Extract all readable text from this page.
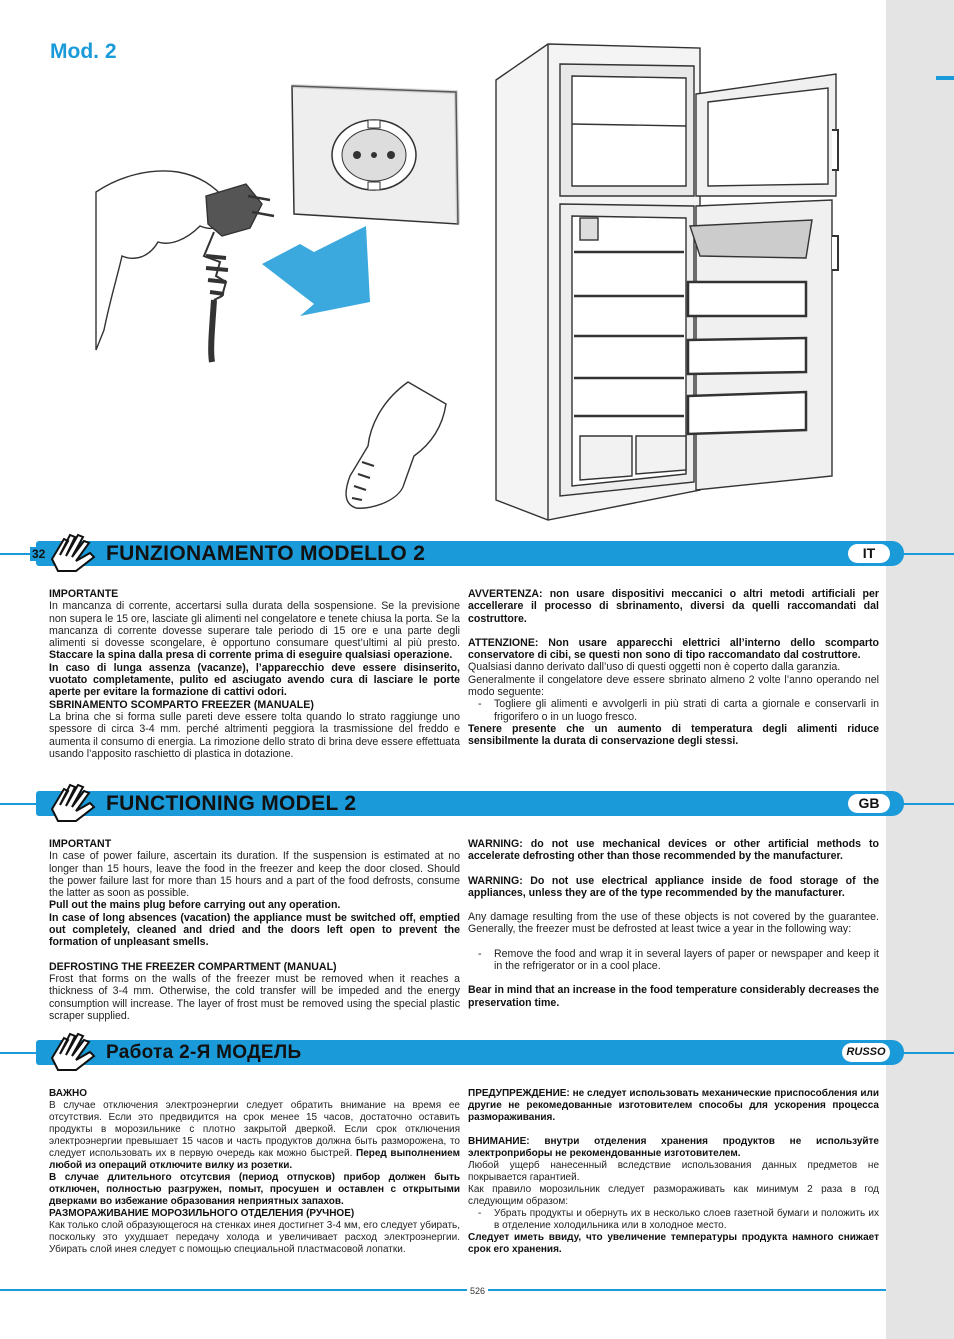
Mod. 2
32	FUNZIONAMENTO MODELLO 2	IT

IMPORTANTE

In mancanza di corrente, accertarsi sulla durata della sospensione. Se la previsione non supera le 15 ore, lasciate gli alimenti nel congelatore e tenete chiusa la porta. Se la mancanza di corrente dovesse superare tale periodo di 15 ore e una parte degli alimenti si dovesse scongelare, è opportuno consumare quest’ultimi al più presto. Staccare la spina dalla presa di corrente prima di eseguire qualsiasi operazione.

In caso di lunga assenza (vacanze), l’apparecchio deve essere disinserito, vuotato completamente, pulito ed asciugato avendo cura di lasciare le porte aperte per evitare la formazione di cattivi odori.

SBRINAMENTO SCOMPARTO FREEZER (MANUALE)

La brina che si forma sulle pareti deve essere tolta quando lo strato raggiunge uno spessore di circa 3-4 mm. perché altrimenti peggiora la trasmissione del freddo e aumenta il consumo di energia. La rimozione dello strato di brina deve essere effettuata usando l’apposito raschietto di plastica in dotazione.

AVVERTENZA: non usare dispositivi meccanici o altri metodi artificiali per accellerare il processo di sbrinamento, diversi da quelli raccomandati dal costruttore.

ATTENZIONE: Non usare apparecchi elettrici all’interno dello scomparto conservatore di cibi, se questi non sono di tipo raccomandato dal costruttore.

Qualsiasi danno derivato dall’uso di questi oggetti non è coperto dalla garanzia.

Generalmente il congelatore deve essere sbrinato almeno 2 volte l’anno operando nel modo seguente:

- Togliere gli alimenti e avvolgerli in più strati di carta a giornale e conservarli in frigorifero o in un luogo fresco.

Tenere presente che un aumento di temperatura degli alimenti riduce sensibilmente la durata di conservazione degli stessi.

FUNCTIONING MODEL 2	GB

IMPORTANT

In case of power failure, ascertain its duration. If the suspension is estimated at no longer than 15 hours, leave the food in the freezer and keep the door closed. Should the power failure last for more than 15 hours and a part of the food defrosts, consume the latter as soon as possible.

Pull out the mains plug before carrying out any operation.

In case of long absences (vacation) the appliance must be switched off, emptied out completely, cleaned and dried and the doors left open to prevent the formation of unpleasant smells.

DEFROSTING THE FREEZER COMPARTMENT (MANUAL)

Frost that forms on the walls of the freezer must be removed when it reaches a thickness of 3-4 mm. Otherwise, the cold transfer will be impeded and the energy consumption will increase. The layer of frost must be removed using the special plastic scraper supplied.

WARNING: do not use mechanical devices or other artificial methods to accelerate defrosting other than those recommended by the manufacturer.

WARNING: Do not use electrical appliance inside de food storage of the appliances, unless they are of the type recommended by the manufacturer.

Any damage resulting from the use of these objects is not covered by the guarantee. Generally, the freezer must be defrosted at least twice a year in the following way:

- Remove the food and wrap it in several layers of paper or newspaper and keep it in the refrigerator or in a cool place.

Bear in mind that an increase in the food temperature considerably decreases the preservation time.

Работа 2-Я МОДЕЛЬ	RUSSO

ВАЖНО

В случае отключения электроэнергии следует обратить внимание на время ее отсутствия. Если это предвидится на срок менее 15 часов, достаточно оставить продукты в морозильнике с плотно закрытой дверкой. Если срок отключения электроэнергии превышает 15 часов и часть продуктов должна быть разморожена, то следует использовать их в первую очередь как можно быстрей. Перед выполнением любой из операций отключите вилку из розетки.

В случае длительного отсутсвия (период отпусков) прибор должен быть отключен, полностью разгружен, помыт, просушен и оставлен с открытыми дверками во избежание образования неприятных запахов.

РАЗМОРАЖИВАНИЕ МОРОЗИЛЬНОГО ОТДЕЛЕНИЯ (РУЧНОЕ)

Как только слой образующегося на стенках инея достигнет 3-4 мм, его следует убирать, поскольку это ухудшает передачу холода и увеличивает расход электроэнергии. Убирать слой инея следует с помощью специальной пластмасовой лопатки.

ПРЕДУПРЕЖДЕНИЕ: не следует использовать механические приспособления или другие не рекомедованные изготовителем способы для ускорения процесса размораживания.

ВНИМАНИЕ: внутри отделения хранения продуктов не используйте электроприборы не рекомендованные изготовителем.

Любой ущерб нанесенный вследствие использования данных предметов не покрывается гарантией.

Как правило морозильник следует размораживать как минимум 2 раза в год следующим образом:

- Убрать продукты и обернуть их в несколько слоев газетной бумаги и положить их в отделение холодильника или в холодное место.

Следует иметь ввиду, что увеличение температуры продукта намного снижает срок его хранения.

526
